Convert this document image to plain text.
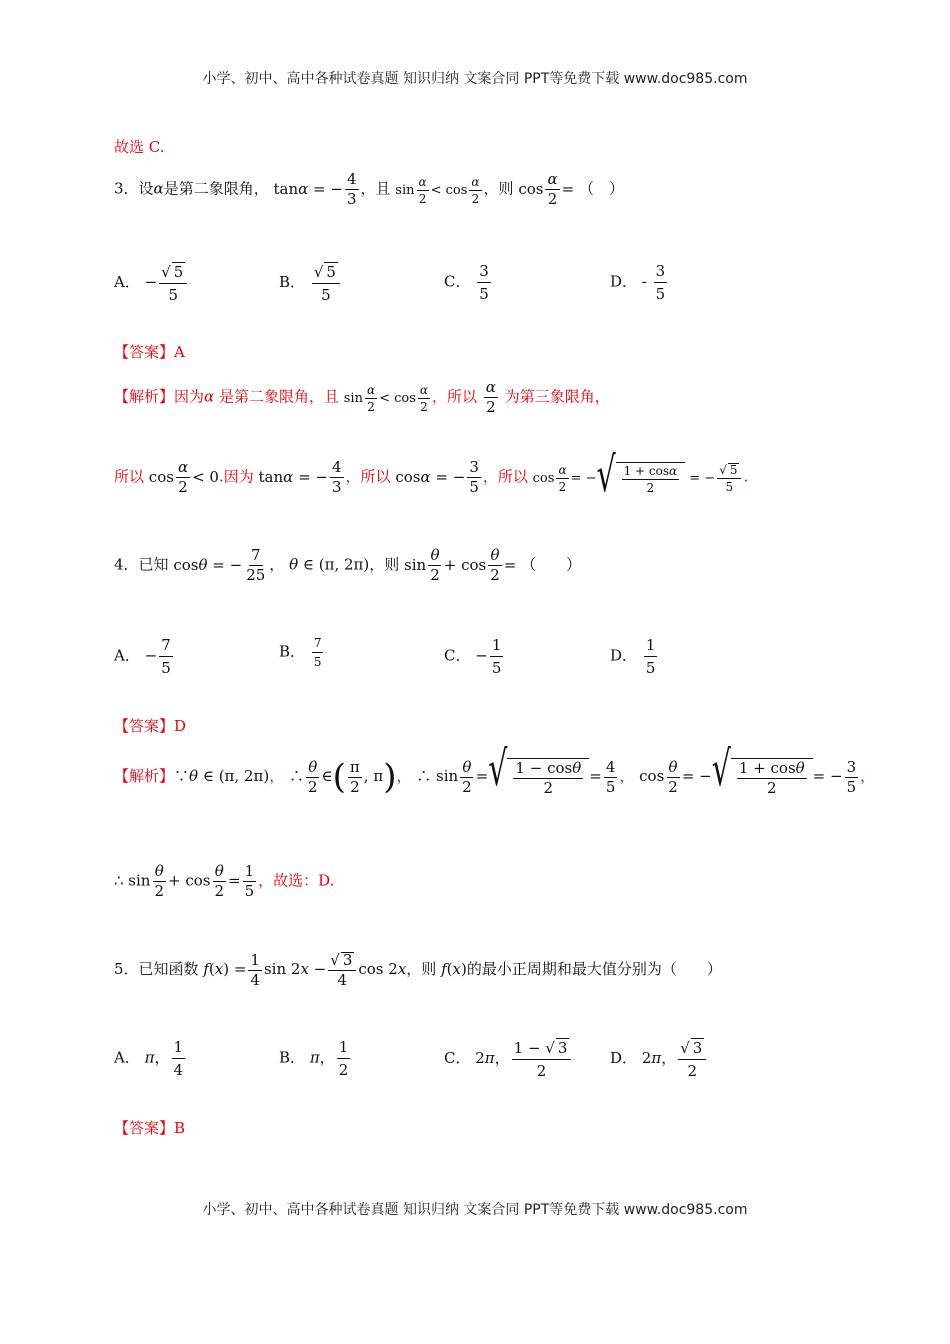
小学、初中、高中各种试卷真题 知识归纳 文案合同 PPT等免费下载 www.doc985.com
故选 C.
3．设α是第二象限角， tanα = − $\frac{4}{3}$ ，且 $\sin \frac{\alpha}{2} < \cos \frac{\alpha}{2}$ ，则 $\cos \frac{\alpha}{2}$ = （　）
A． − $\frac{√ 5}{5}$	B． $\frac{√ 5}{5}$	C． $\frac{3}{5}$	D． - $\frac{3}{5}$
【答案】A
【解析】因为α 是第二象限角，且 $\sin \frac{\alpha}{2} < \cos \frac{\alpha}{2}$ ，所以 $\frac{\alpha}{2}$ 为第三象限角，
所以 $\cos \frac{\alpha}{2} < 0$.因为 tanα = − $\frac{4}{3}$ ，所以 cosα = − $\frac{3}{5}$ ，所以 $\cos \frac{\alpha}{2}$ = − √ $\frac{1 + \cos\alpha}{2}$ = − $\frac{√ 5}{5}$ .
4．已知 cosθ = − $\frac{7}{25}$ ， θ ∈ (π, 2π)，则 $\sin \frac{\theta}{2} + \cos \frac{\theta}{2}$ = （　　）
A． − $\frac{7}{5}$	B． $\frac{7}{5}$	C． − $\frac{1}{5}$	D． $\frac{1}{5}$
【答案】D
【解析】∵θ ∈ (π, 2π)， ∴ $\frac{\theta}{2}$ ∈( $\frac{\pi}{2}$ , π)， ∴ $\sin \frac{\theta}{2}$ = √ $\frac{1 - \cos\theta}{2} = \frac{4}{5}$ ， $\cos \frac{\theta}{2}$ = − √ $\frac{1 + \cos\theta}{2}$ = − $\frac{3}{5}$ ，
∴ $\sin \frac{\theta}{2} + \cos \frac{\theta}{2} = \frac{1}{5}$ ，故选：D.
5．已知函数 $f(x) = \frac{1}{4}$ $\sin 2x - \frac{√ 3}{4}$ cos 2x，则 f(x)的最小正周期和最大值分别为（　　）
A． π， $\frac{1}{4}$	B． π， $\frac{1}{2}$	C． 2π， $\frac{1 - √ 3}{2}$	D． 2π， $\frac{√ 3}{2}$
【答案】B
小学、初中、高中各种试卷真题 知识归纳 文案合同 PPT等免费下载 www.doc985.com
